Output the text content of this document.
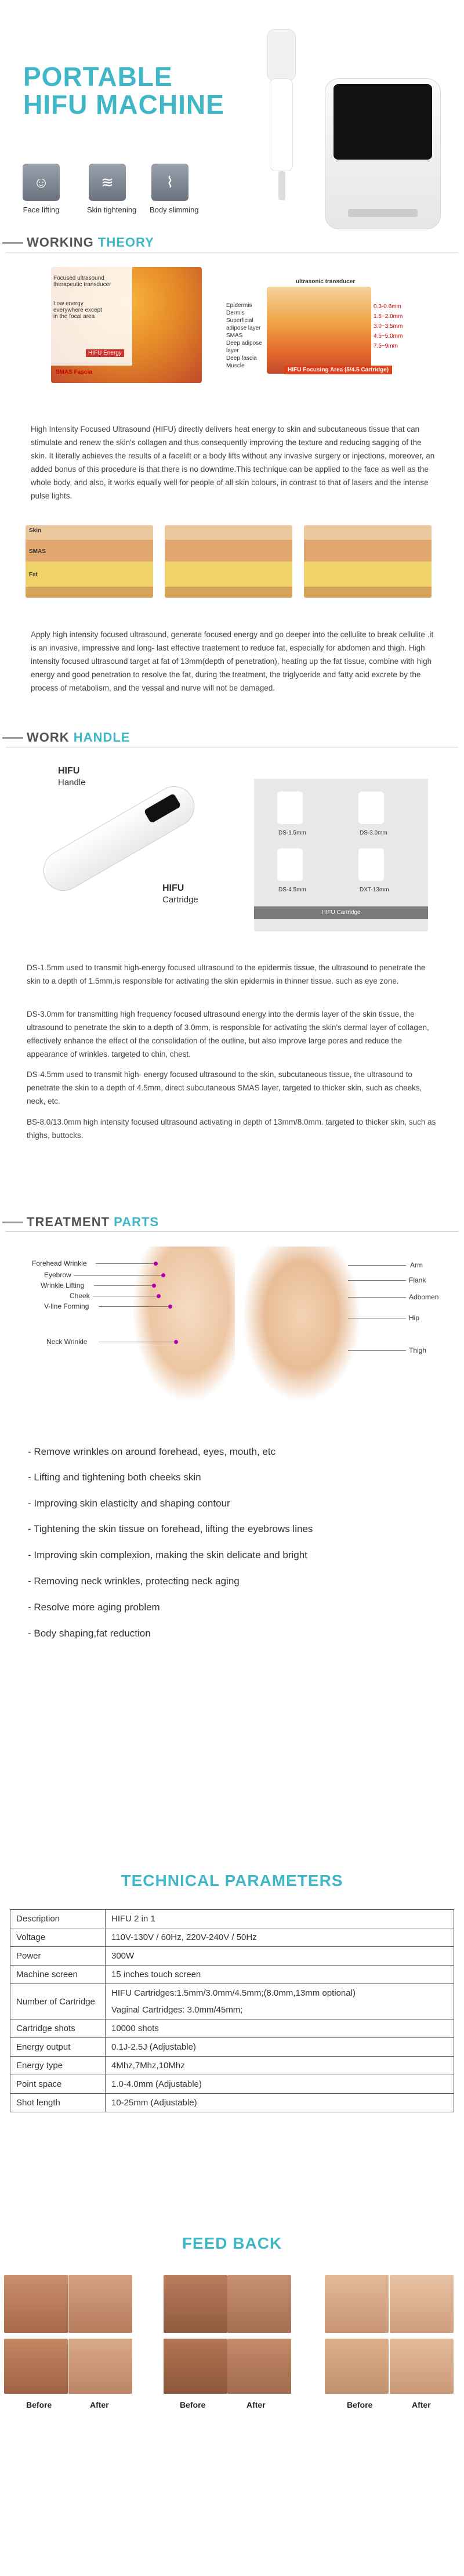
PORTABLE
HIFU MACHINE
☺
Face lifting
≋
Skin tightening
⌇
Body slimming
WORKING THEORY
Focused ultrasound therapeutic transducer
Low energy everywhere except in the focal area
HIFU Energy
SMAS Fascia
ultrasonic transducer
Epidermis
Dermis
Superficial adipose layer
SMAS
Deep adipose layer
Deep fascia
Muscle
0.3-0.6mm
1.5~2.0mm
3.0~3.5mm
4.5~5.0mm
7.5~9mm
HIFU Focusing Area (5/4.5 Cartridge)
High Intensity Focused Ultrasound (HIFU) directly delivers heat energy to skin and subcutaneous tissue that can stimulate and renew the skin's collagen and thus consequently improving the texture and reducing sagging of the skin. It literally achieves the results of a facelift or a body lifts without any invasive surgery or injections, moreover, an added bonus of this procedure is that there is no downtime.This technique can be applied to the face as well as the whole body, and also, it works equally well for people of all skin colours, in contrast to that of lasers and the intense pulse lights.
Skin
SMAS
Fat
Apply high intensity focused ultrasound, generate focused energy and go deeper into the cellulite to break cellulite .it is an invasive, impressive and long- last effective traetement to reduce fat, especially for abdomen and thigh. High intensity focused ultrasound target at fat of 13mm(depth of penetration), heating up the fat tissue, combine with high energy and good penetration to resolve the fat, during the treatment, the triglyceride and fatty acid excrete by the process of metabolism, and the vessal and nurve will not be damaged.
WORK HANDLE
HIFU
Handle
HIFU
Cartridge
DS-1.5mm	DS-3.0mm
DS-4.5mm	DXT-13mm
HIFU Cartridge
DS-1.5mm used to transmit high-energy focused ultrasound to the epidermis tissue, the ultrasound to penetrate the skin to a depth of 1.5mm,is responsible for activating the skin epidermis in thinner tissue. such as eye zone.
DS-3.0mm for transmitting high frequency focused ultrasound energy into the dermis layer of the skin tissue, the ultrasound to penetrate the skin to a depth of 3.0mm, is responsible for activating the skin's dermal layer of collagen, effectively enhance the effect of the consolidation of the outline, but also improve large pores and reduce the appearance of wrinkles. targeted to chin, chest.
DS-4.5mm used to transmit high- energy focused ultrasound to the skin, subcutaneous tissue, the ultrasound to penetrate the skin to a depth of 4.5mm, direct subcutaneous SMAS layer, targeted to thicker skin, such as cheeks, neck, etc.
BS-8.0/13.0mm high intensity focused ultrasound activating in depth of 13mm/8.0mm. targeted to thicker skin, such as thighs, buttocks.
TREATMENT PARTS
Forehead Wrinkle
Eyebrow
Wrinkle Lifting
Cheek
V-line Forming
Neck Wrinkle
Arm
Flank
Adbomen
Hip
Thigh
- Remove wrinkles on around forehead, eyes, mouth, etc
- Lifting and tightening both cheeks skin
- Improving skin elasticity and shaping contour
- Tightening the skin tissue on forehead, lifting the eyebrows lines
- Improving skin complexion, making the skin delicate and bright
- Removing neck wrinkles, protecting neck aging
- Resolve more aging problem
- Body shaping,fat reduction
TECHNICAL PARAMETERS
Description	HIFU 2 in 1
Voltage	110V-130V / 60Hz, 220V-240V / 50Hz
Power	300W
Machine screen	15 inches touch screen
Number of Cartridge	HIFU Cartridges:1.5mm/3.0mm/4.5mm;(8.0mm,13mm optional)
Vaginal Cartridges: 3.0mm/45mm;

Cartridge shots	10000 shots
Energy output	0.1J-2.5J (Adjustable)
Energy type	4Mhz,7Mhz,10Mhz
Point space	1.0-4.0mm (Adjustable)
Shot length	10-25mm (Adjustable)
FEED BACK
Before	After	Before	After	Before	After
